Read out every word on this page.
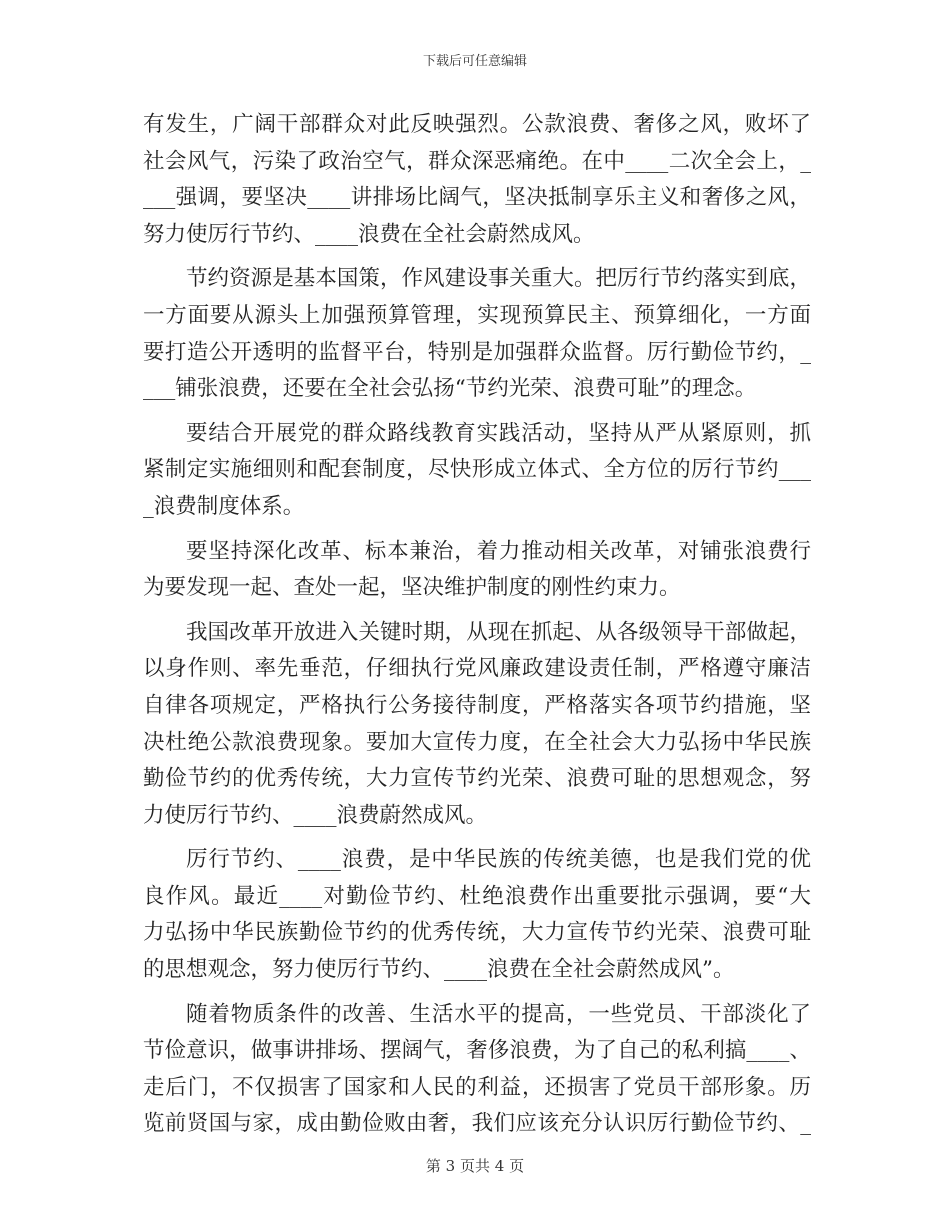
下载后可任意编辑
有发生，广阔干部群众对此反映强烈。公款浪费、奢侈之风，败坏了
社会风气，污染了政治空气，群众深恶痛绝。在中____二次全会上，_
___强调，要坚决____讲排场比阔气，坚决抵制享乐主义和奢侈之风，
努力使厉行节约、____浪费在全社会蔚然成风。
节约资源是基本国策，作风建设事关重大。把厉行节约落实到底，
一方面要从源头上加强预算管理，实现预算民主、预算细化，一方面
要打造公开透明的监督平台，特别是加强群众监督。厉行勤俭节约，_
___铺张浪费，还要在全社会弘扬“节约光荣、浪费可耻”的理念。
要结合开展党的群众路线教育实践活动，坚持从严从紧原则，抓
紧制定实施细则和配套制度，尽快形成立体式、全方位的厉行节约___
_浪费制度体系。
要坚持深化改革、标本兼治，着力推动相关改革，对铺张浪费行
为要发现一起、查处一起，坚决维护制度的刚性约束力。
我国改革开放进入关键时期，从现在抓起、从各级领导干部做起，
以身作则、率先垂范，仔细执行党风廉政建设责任制，严格遵守廉洁
自律各项规定，严格执行公务接待制度，严格落实各项节约措施，坚
决杜绝公款浪费现象。要加大宣传力度，在全社会大力弘扬中华民族
勤俭节约的优秀传统，大力宣传节约光荣、浪费可耻的思想观念，努
力使厉行节约、____浪费蔚然成风。
厉行节约、____浪费，是中华民族的传统美德，也是我们党的优
良作风。最近____对勤俭节约、杜绝浪费作出重要批示强调，要“大
力弘扬中华民族勤俭节约的优秀传统，大力宣传节约光荣、浪费可耻
的思想观念，努力使厉行节约、____浪费在全社会蔚然成风”。
随着物质条件的改善、生活水平的提高，一些党员、干部淡化了
节俭意识，做事讲排场、摆阔气，奢侈浪费，为了自己的私利搞____、
走后门，不仅损害了国家和人民的利益，还损害了党员干部形象。历
览前贤国与家，成由勤俭败由奢，我们应该充分认识厉行勤俭节约、_
第 3 页共 4 页
